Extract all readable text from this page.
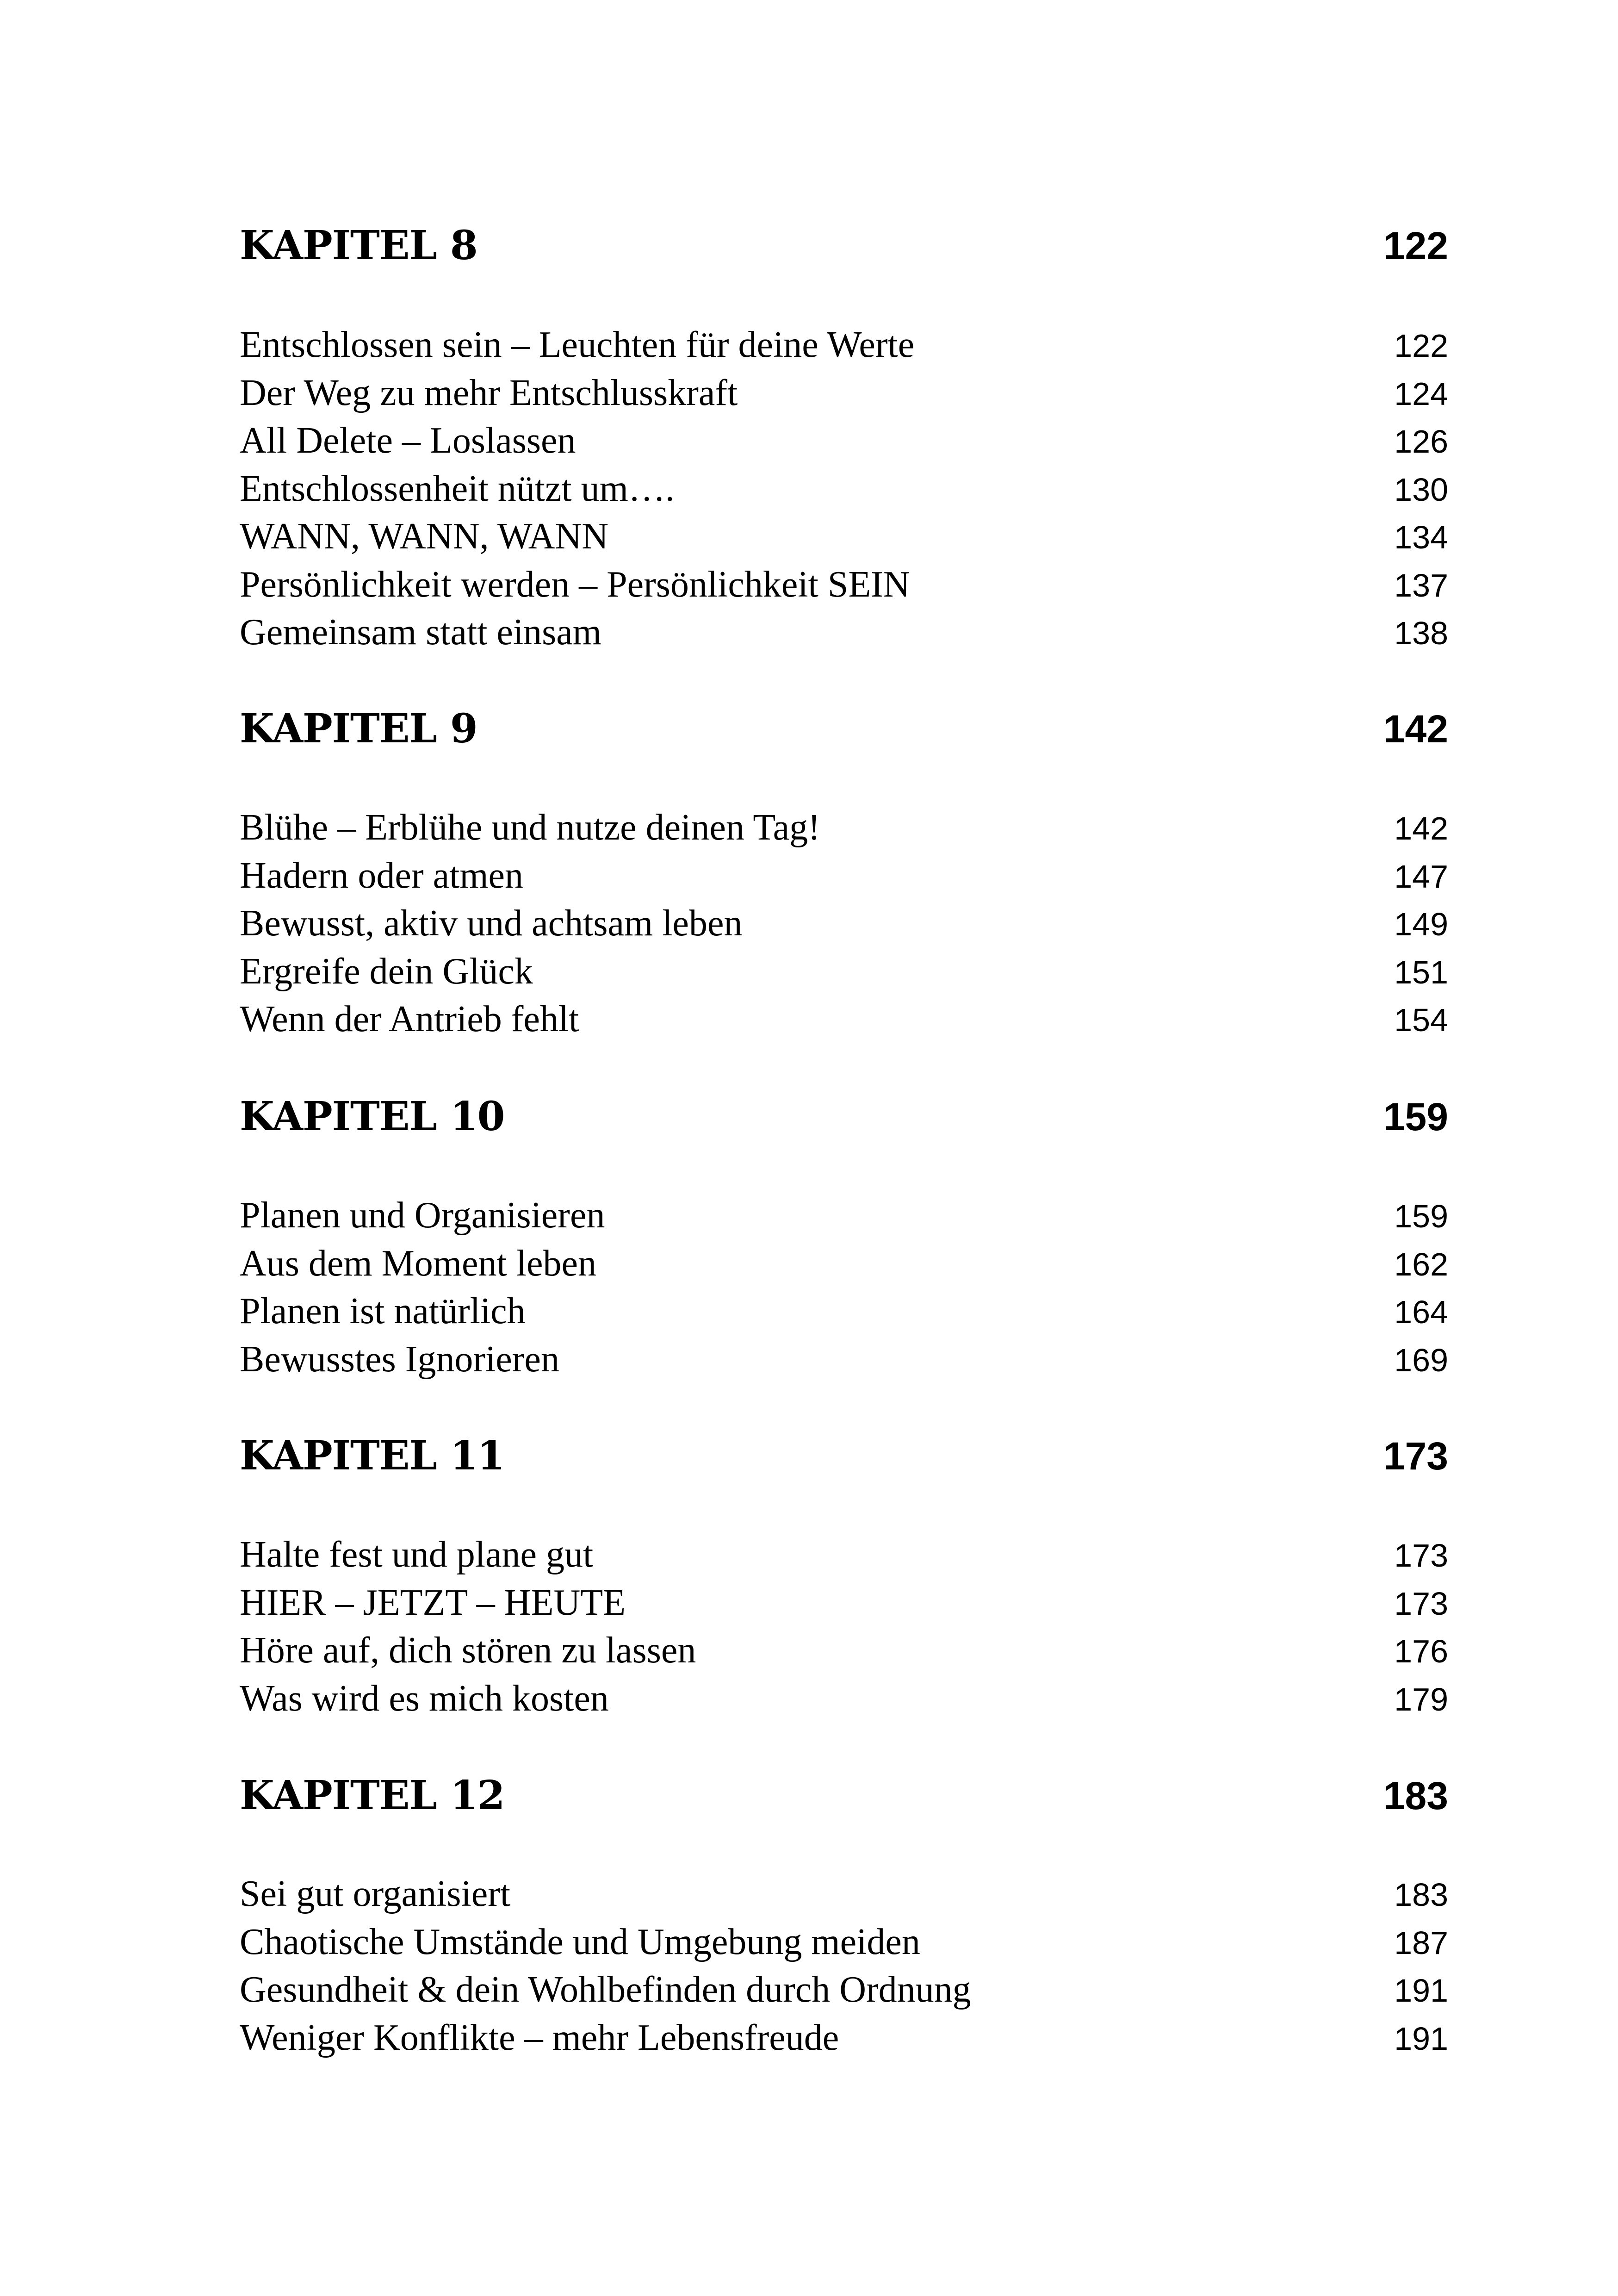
KAPITEL 8	122
Entschlossen sein – Leuchten für deine Werte	122
Der Weg zu mehr Entschlusskraft	124
All Delete – Loslassen	126
Entschlossenheit nützt um….	130
WANN, WANN, WANN	134
Persönlichkeit werden – Persönlichkeit SEIN	137
Gemeinsam statt einsam	138
KAPITEL 9	142
Blühe – Erblühe und nutze deinen Tag!	142
Hadern oder atmen	147
Bewusst, aktiv und achtsam leben	149
Ergreife dein Glück	151
Wenn der Antrieb fehlt	154
KAPITEL 10	159
Planen und Organisieren	159
Aus dem Moment leben	162
Planen ist natürlich	164
Bewusstes Ignorieren	169
KAPITEL 11	173
Halte fest und plane gut	173
HIER – JETZT – HEUTE	173
Höre auf, dich stören zu lassen	176
Was wird es mich kosten	179
KAPITEL 12	183
Sei gut organisiert	183
Chaotische Umstände und Umgebung meiden	187
Gesundheit & dein Wohlbefinden durch Ordnung	191
Weniger Konflikte – mehr Lebensfreude	191
